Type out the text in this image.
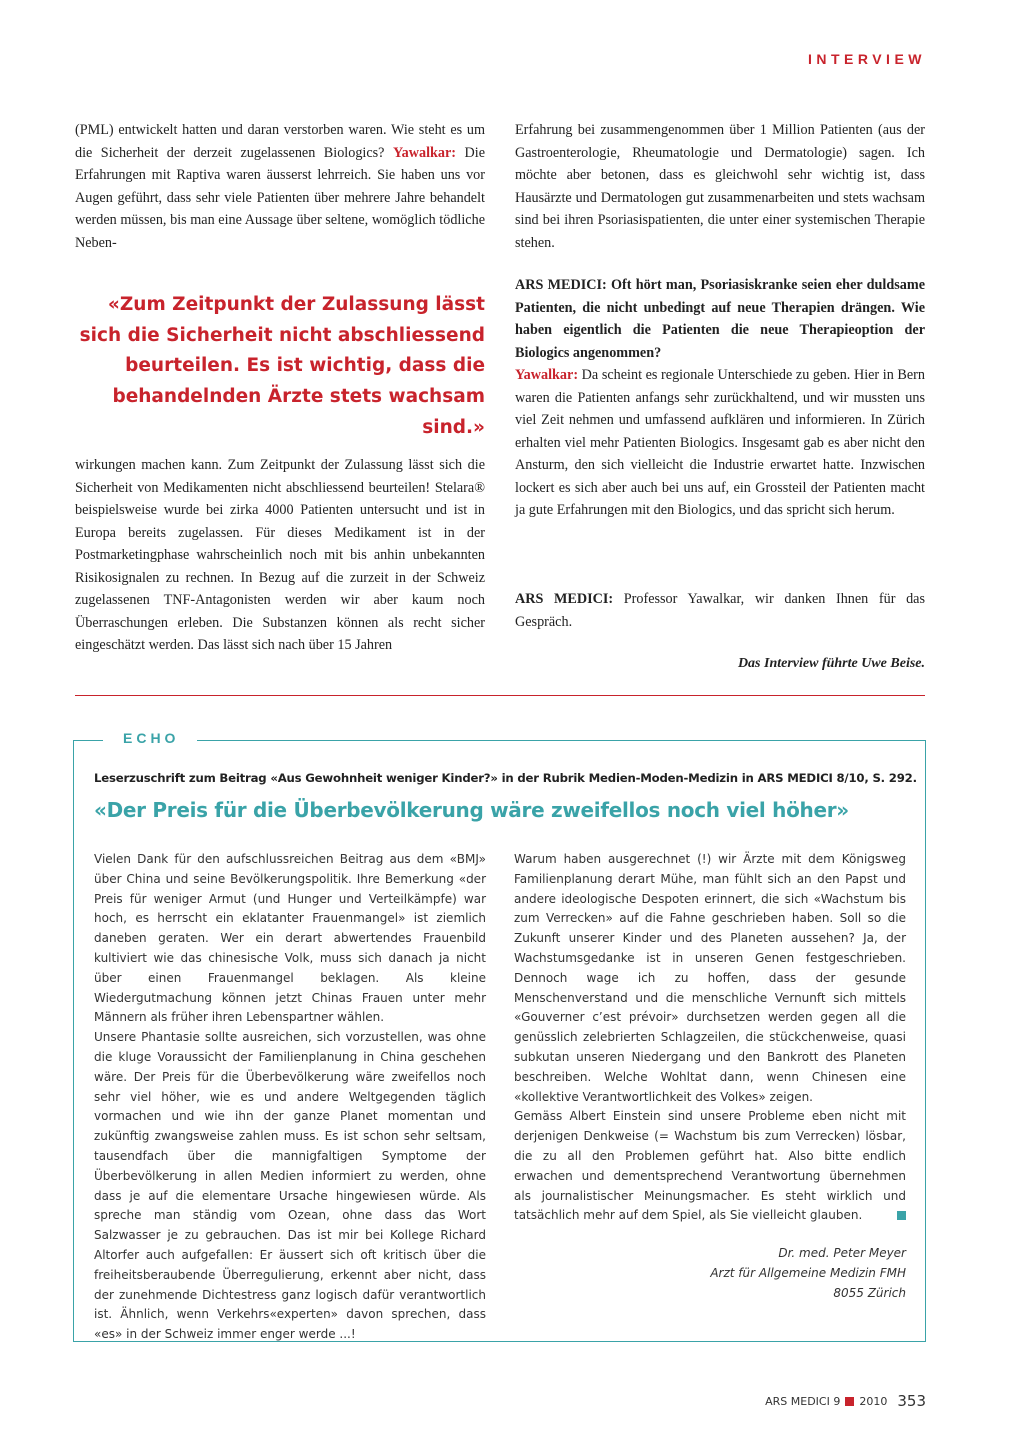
INTERVIEW

(PML) entwickelt hatten und daran verstorben waren. Wie steht es um die Sicherheit der derzeit zugelassenen Biologics? Yawalkar: Die Erfahrungen mit Raptiva waren äusserst lehrreich. Sie haben uns vor Augen geführt, dass sehr viele Patienten über mehrere Jahre behandelt werden müssen, bis man eine Aussage über seltene, womöglich tödliche Neben-

«Zum Zeitpunkt der Zulassung lässt sich die Sicherheit nicht abschliessend beurteilen. Es ist wichtig, dass die behandelnden Ärzte stets wachsam sind.»

wirkungen machen kann. Zum Zeitpunkt der Zulassung lässt sich die Sicherheit von Medikamenten nicht abschliessend beurteilen! Stelara® beispielsweise wurde bei zirka 4000 Patienten untersucht und ist in Europa bereits zugelassen. Für dieses Medikament ist in der Postmarketingphase wahrscheinlich noch mit bis anhin unbekannten Risikosignalen zu rechnen. In Bezug auf die zurzeit in der Schweiz zugelassenen TNF-Antagonisten werden wir aber kaum noch Überraschungen erleben. Die Substanzen können als recht sicher eingeschätzt werden. Das lässt sich nach über 15 Jahren

Erfahrung bei zusammengenommen über 1 Million Patienten (aus der Gastroenterologie, Rheumatologie und Dermatologie) sagen. Ich möchte aber betonen, dass es gleichwohl sehr wichtig ist, dass Hausärzte und Dermatologen gut zusammenarbeiten und stets wachsam sind bei ihren Psoriasispatienten, die unter einer systemischen Therapie stehen.

ARS MEDICI: Oft hört man, Psoriasiskranke seien eher duldsame Patienten, die nicht unbedingt auf neue Therapien drängen. Wie haben eigentlich die Patienten die neue Therapieoption der Biologics angenommen?

Yawalkar: Da scheint es regionale Unterschiede zu geben. Hier in Bern waren die Patienten anfangs sehr zurückhaltend, und wir mussten uns viel Zeit nehmen und umfassend aufklären und informieren. In Zürich erhalten viel mehr Patienten Biologics. Insgesamt gab es aber nicht den Ansturm, den sich vielleicht die Industrie erwartet hatte. Inzwischen lockert es sich aber auch bei uns auf, ein Grossteil der Patienten macht ja gute Erfahrungen mit den Biologics, und das spricht sich herum.

ARS MEDICI: Professor Yawalkar, wir danken Ihnen für das Gespräch.

Das Interview führte Uwe Beise.
ECHO
Leserzuschrift zum Beitrag «Aus Gewohnheit weniger Kinder?» in der Rubrik Medien-Moden-Medizin in ARS MEDICI 8/10, S. 292.
«Der Preis für die Überbevölkerung wäre zweifellos noch viel höher»

Vielen Dank für den aufschlussreichen Beitrag aus dem «BMJ» über China und seine Bevölkerungspolitik. Ihre Bemerkung «der Preis für weniger Armut (und Hunger und Verteilkämpfe) war hoch, es herrscht ein eklatanter Frauenmangel» ist ziemlich daneben geraten. Wer ein derart abwertendes Frauenbild kultiviert wie das chinesische Volk, muss sich danach ja nicht über einen Frauenmangel beklagen. Als kleine Wiedergutmachung können jetzt Chinas Frauen unter mehr Männern als früher ihren Lebenspartner wählen.

Unsere Phantasie sollte ausreichen, sich vorzustellen, was ohne die kluge Voraussicht der Familienplanung in China geschehen wäre. Der Preis für die Überbevölkerung wäre zweifellos noch sehr viel höher, wie es und andere Weltgegenden täglich vormachen und wie ihn der ganze Planet momentan und zukünftig zwangsweise zahlen muss. Es ist schon sehr seltsam, tausendfach über die mannigfaltigen Symptome der Überbevölkerung in allen Medien informiert zu werden, ohne dass je auf die elementare Ursache hingewiesen würde. Als spreche man ständig vom Ozean, ohne dass das Wort Salzwasser je zu gebrauchen. Das ist mir bei Kollege Richard Altorfer auch aufgefallen: Er äussert sich oft kritisch über die freiheitsberaubende Überregulierung, erkennt aber nicht, dass der zunehmende Dichtestress ganz logisch dafür verantwortlich ist. Ähnlich, wenn Verkehrs«experten» davon sprechen, dass «es» in der Schweiz immer enger werde ...!

Warum haben ausgerechnet (!) wir Ärzte mit dem Königsweg Familienplanung derart Mühe, man fühlt sich an den Papst und andere ideologische Despoten erinnert, die sich «Wachstum bis zum Verrecken» auf die Fahne geschrieben haben. Soll so die Zukunft unserer Kinder und des Planeten aussehen? Ja, der Wachstumsgedanke ist in unseren Genen festgeschrieben. Dennoch wage ich zu hoffen, dass der gesunde Menschenverstand und die menschliche Vernunft sich mittels «Gouverner c’est prévoir» durchsetzen werden gegen all die genüsslich zelebrierten Schlagzeilen, die stückchenweise, quasi subkutan unseren Niedergang und den Bankrott des Planeten beschreiben. Welche Wohltat dann, wenn Chinesen eine «kollektive Verantwortlichkeit des Volkes» zeigen.

Gemäss Albert Einstein sind unsere Probleme eben nicht mit derjenigen Denkweise (= Wachstum bis zum Verrecken) lösbar, die zu all den Problemen geführt hat. Also bitte endlich erwachen und dementsprechend Verantwortung übernehmen als journalistischer Meinungsmacher. Es steht wirklich und tatsächlich mehr auf dem Spiel, als Sie vielleicht glauben.

Dr. med. Peter Meyer
Arzt für Allgemeine Medizin FMH
8055 Zürich
ARS MEDICI 9 2010 353
